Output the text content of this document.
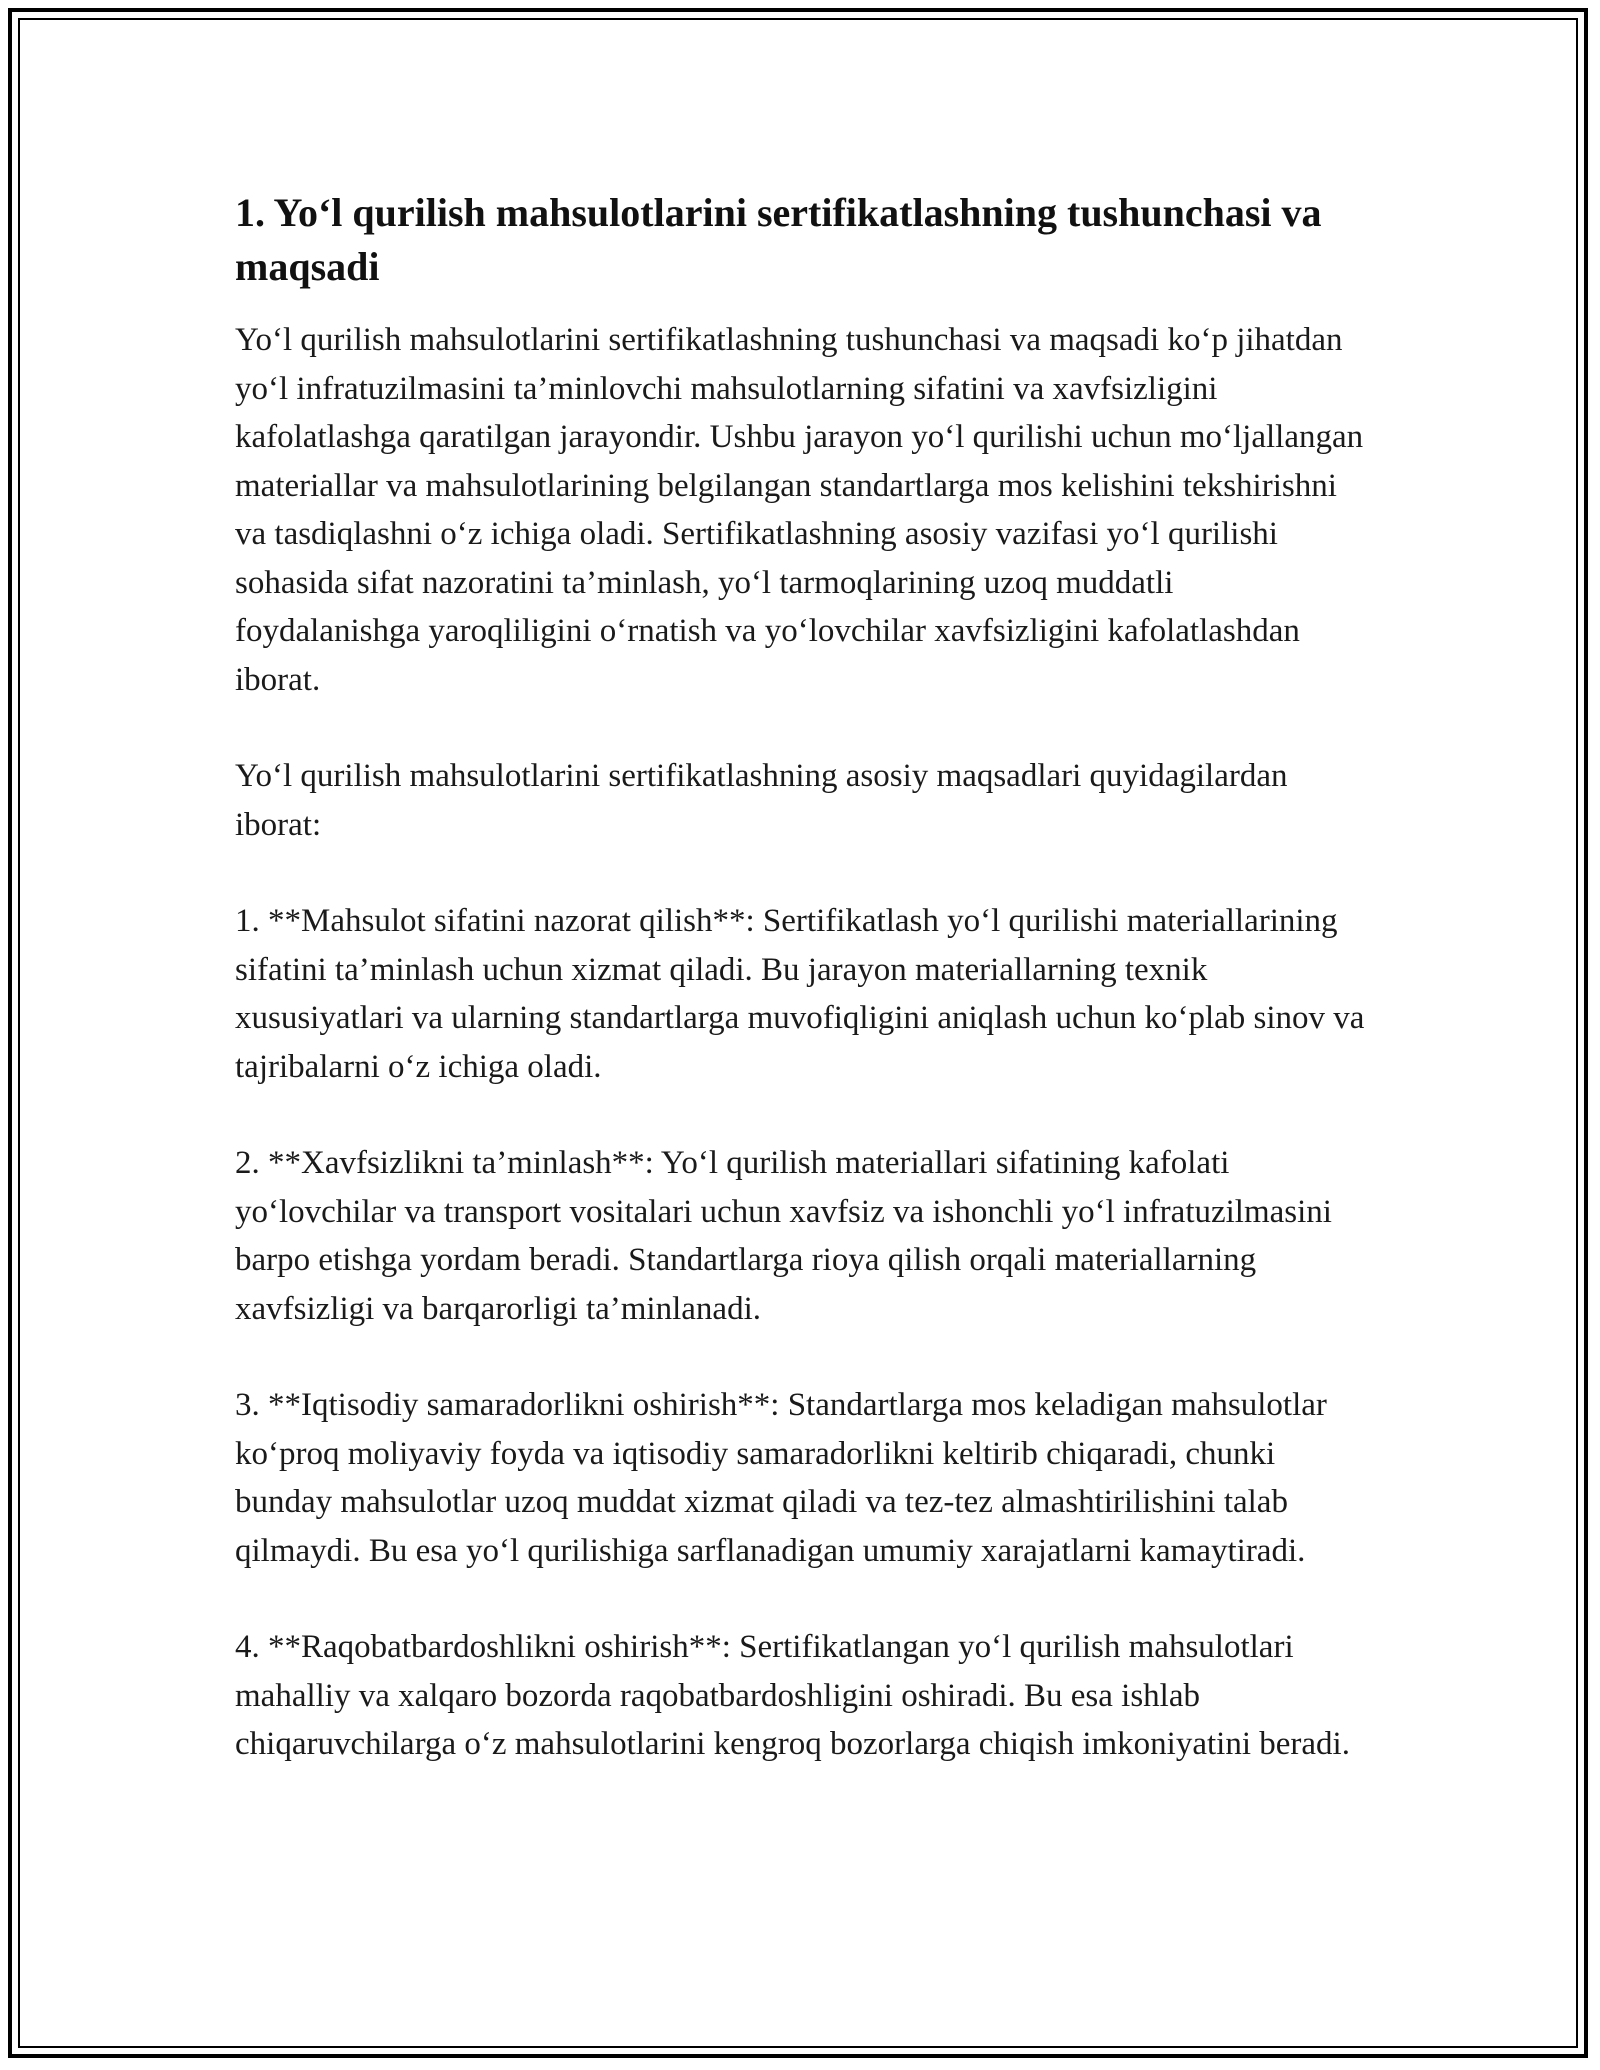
1. Yo‘l qurilish mahsulotlarini sertifikatlashning tushunchasi va maqsadi

Yo‘l qurilish mahsulotlarini sertifikatlashning tushunchasi va maqsadi ko‘p jihatdan yo‘l infratuzilmasini ta’minlovchi mahsulotlarning sifatini va xavfsizligini kafolatlashga qaratilgan jarayondir. Ushbu jarayon yo‘l qurilishi uchun mo‘ljallangan materiallar va mahsulotlarining belgilangan standartlarga mos kelishini tekshirishni va tasdiqlashni o‘z ichiga oladi. Sertifikatlashning asosiy vazifasi yo‘l qurilishi sohasida sifat nazoratini ta’minlash, yo‘l tarmoqlarining uzoq muddatli foydalanishga yaroqliligini o‘rnatish va yo‘lovchilar xavfsizligini kafolatlashdan iborat.

Yo‘l qurilish mahsulotlarini sertifikatlashning asosiy maqsadlari quyidagilardan iborat:

1. **Mahsulot sifatini nazorat qilish**: Sertifikatlash yo‘l qurilishi materiallarining sifatini ta’minlash uchun xizmat qiladi. Bu jarayon materiallarning texnik xususiyatlari va ularning standartlarga muvofiqligini aniqlash uchun ko‘plab sinov va tajribalarni o‘z ichiga oladi.

2. **Xavfsizlikni ta’minlash**: Yo‘l qurilish materiallari sifatining kafolati yo‘lovchilar va transport vositalari uchun xavfsiz va ishonchli yo‘l infratuzilmasini barpo etishga yordam beradi. Standartlarga rioya qilish orqali materiallarning xavfsizligi va barqarorligi ta’minlanadi.

3. **Iqtisodiy samaradorlikni oshirish**: Standartlarga mos keladigan mahsulotlar ko‘proq moliyaviy foyda va iqtisodiy samaradorlikni keltirib chiqaradi, chunki bunday mahsulotlar uzoq muddat xizmat qiladi va tez-tez almashtirilishini talab qilmaydi. Bu esa yo‘l qurilishiga sarflanadigan umumiy xarajatlarni kamaytiradi.

4. **Raqobatbardoshlikni oshirish**: Sertifikatlangan yo‘l qurilish mahsulotlari mahalliy va xalqaro bozorda raqobatbardoshligini oshiradi. Bu esa ishlab chiqaruvchilarga o‘z mahsulotlarini kengroq bozorlarga chiqish imkoniyatini beradi.
